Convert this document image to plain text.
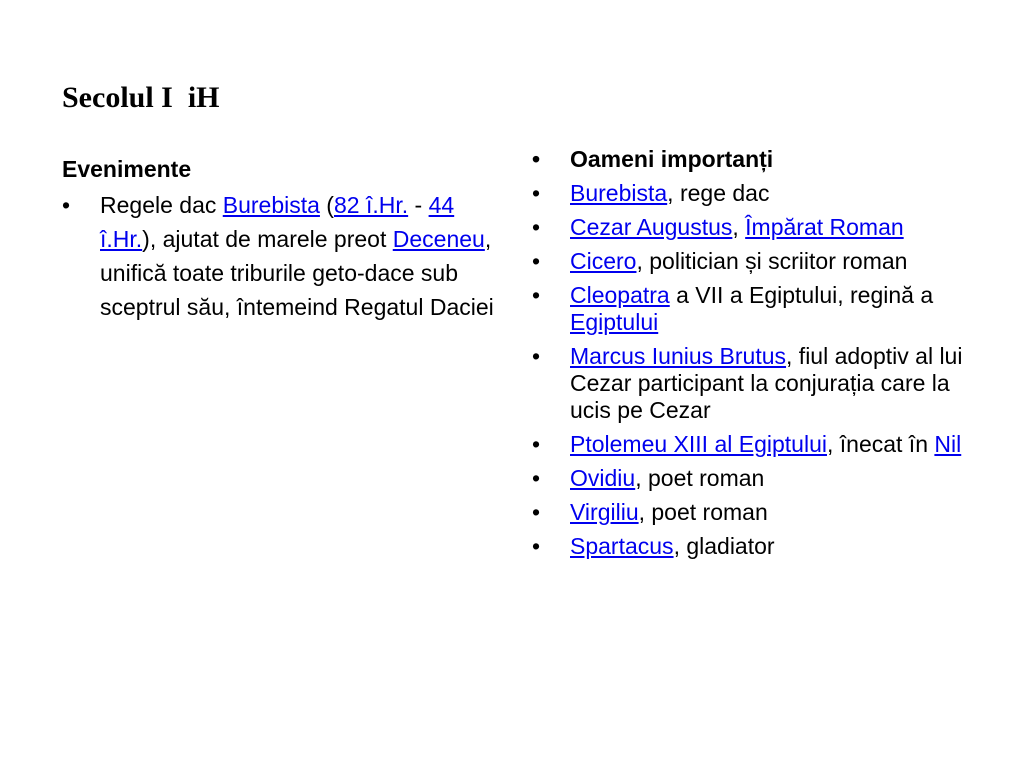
Secolul I  iH
Evenimente
• Regele dac Burebista (82 î.Hr. - 44 î.Hr.), ajutat de marele preot Deceneu, unifică toate triburile geto-dace sub sceptrul său, întemeind Regatul Daciei
• Oameni importanți
• Burebista, rege dac
• Cezar Augustus, Împărat Roman
• Cicero, politician și scriitor roman
• Cleopatra a VII a Egiptului, regină a Egiptului
• Marcus Iunius Brutus, fiul adoptiv al lui Cezar participant la conjurația care la ucis pe Cezar
• Ptolemeu XIII al Egiptului, înecat în Nil
• Ovidiu, poet roman
• Virgiliu, poet roman
• Spartacus, gladiator
